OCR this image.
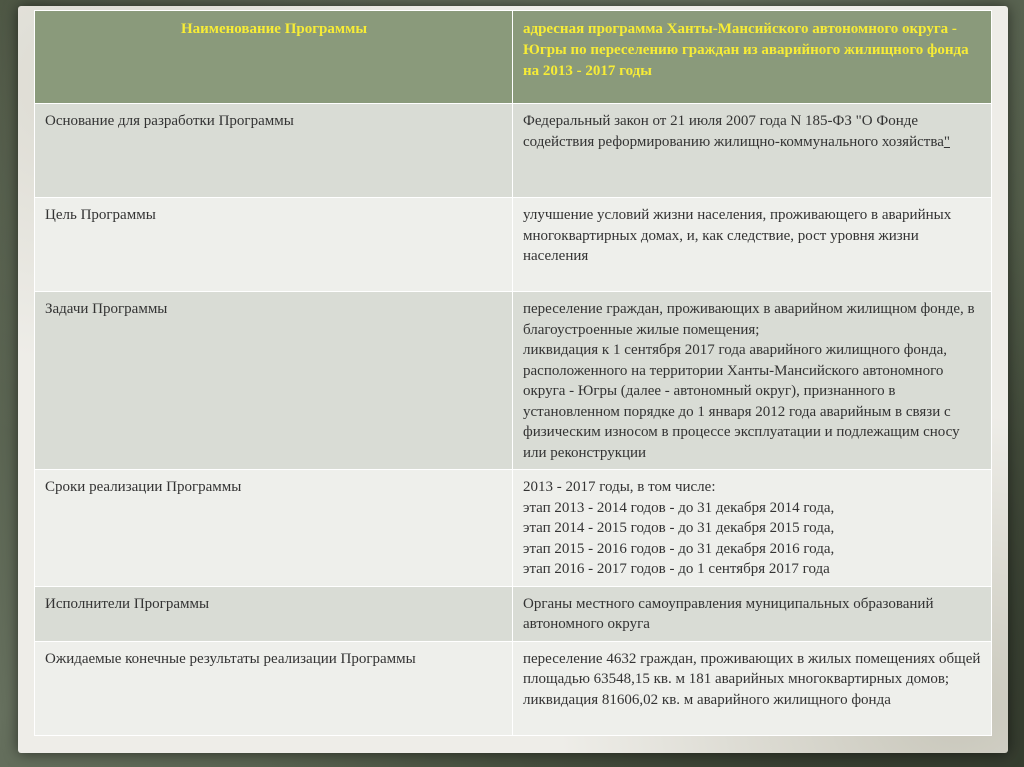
Наименование Программы	адресная программа Ханты-Мансийского автономного округа - Югры по переселению граждан из аварийного жилищного фонда на 2013 - 2017 годы
Основание для разработки Программы	Федеральный закон от 21 июля 2007 года N 185-ФЗ "О Фонде содействия реформированию жилищно-коммунального хозяйства"
Цель Программы	улучшение условий жизни населения, проживающего в аварийных многоквартирных домах, и, как следствие, рост уровня жизни населения
Задачи Программы	переселение граждан, проживающих в аварийном жилищном фонде, в благоустроенные жилые помещения;
ликвидация к 1 сентября 2017 года аварийного жилищного фонда, расположенного на территории Ханты-Мансийского автономного округа - Югры (далее - автономный округ), признанного в установленном порядке до 1 января 2012 года аварийным в связи с физическим износом в процессе эксплуатации и подлежащим сносу или реконструкции

Сроки реализации Программы	2013 - 2017 годы, в том числе:
этап 2013 - 2014 годов - до 31 декабря 2014 года,
этап 2014 - 2015 годов - до 31 декабря 2015 года,
этап 2015 - 2016 годов - до 31 декабря 2016 года,
этап 2016 - 2017 годов - до 1 сентября 2017 года

Исполнители Программы	Органы местного самоуправления муниципальных образований автономного округа
Ожидаемые конечные результаты реализации Программы	переселение 4632 граждан, проживающих в жилых помещениях общей площадью 63548,15 кв. м 181 аварийных многоквартирных домов;
ликвидация 81606,02 кв. м аварийного жилищного фонда
